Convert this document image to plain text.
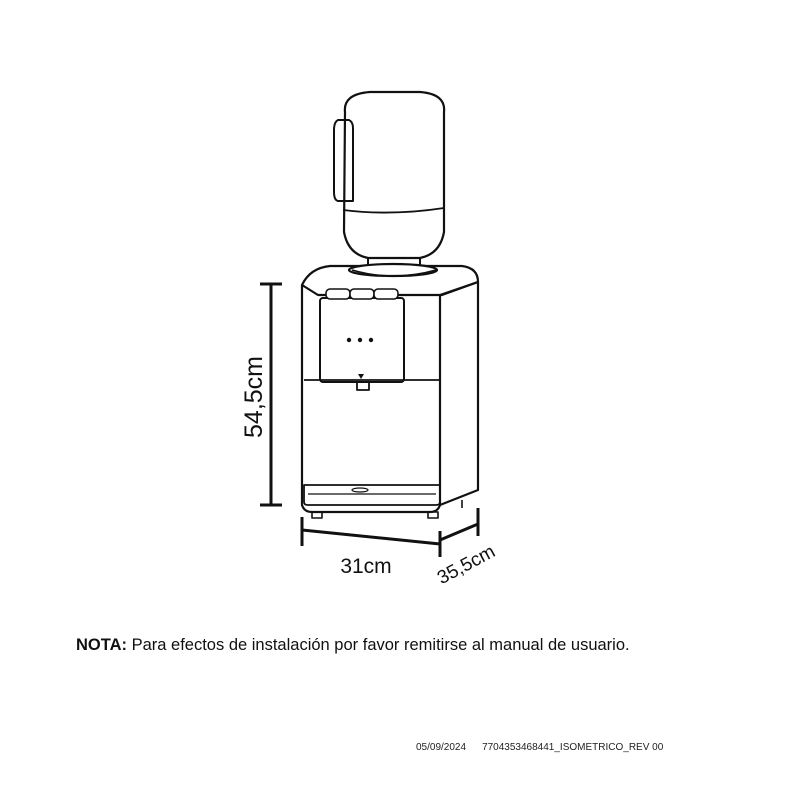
54,5cm
31cm 35,5cm
NOTA: Para efectos de instalación por favor remitirse al manual de usuario.
05/09/2024 7704353468441_ISOMETRICO_REV 00
